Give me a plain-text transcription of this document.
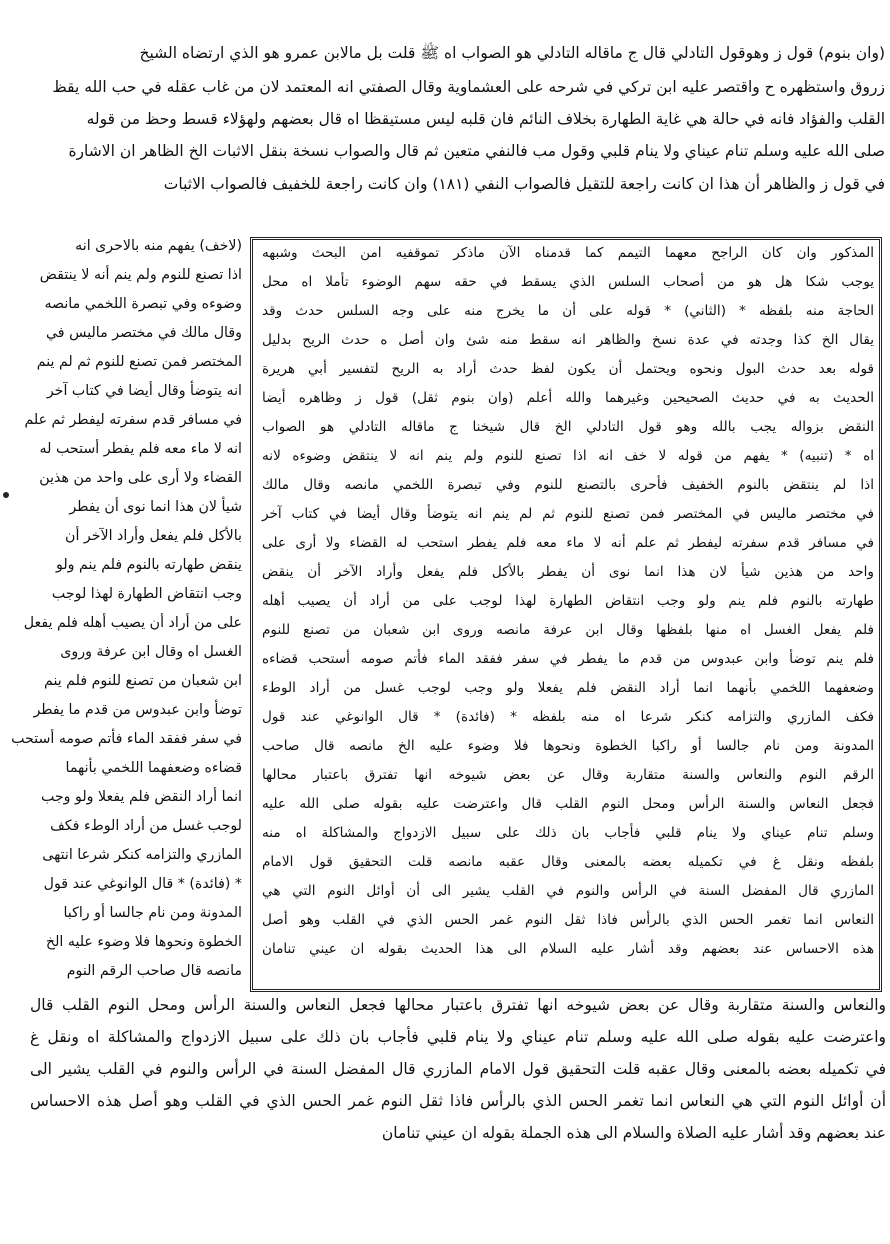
(وان بنوم) قول ز وهوقول التادلي قال ج ماقاله التادلي هو الصواب اه ﷺ قلت بل مالابن عمرو هو الذي ارتضاه الشيخ
زروق واستظهره ح واقتصر عليه ابن تركي في شرحه على العشماوية وقال الصفتي انه المعتمد لان من غاب عقله في حب الله يقظ
القلب والفؤاد فانه في حالة هي غاية الطهارة بخلاف النائم فان قلبه ليس مستيقظا اه قال بعضهم ولهؤلاء قسط وحظ من قوله
صلى الله عليه وسلم تنام عيناي ولا ينام قلبي وقول مب فالنفي متعين ثم قال والصواب نسخة بنقل الاثبات الخ الظاهر ان الاشارة
في قول ز والظاهر أن هذا ان كانت راجعة للتقيل فالصواب النفي (١٨١) وان كانت راجعة للخفيف فالصواب الاثبات
المذكور وان كان الراجح معهما التيمم كما قدمناه الآن ماذكر تموقفيه امن البحث وشبهه
يوجب شكا هل هو من أصحاب السلس الذي يسقط في حقه سهم الوضوء تأملا اه محل
الحاجة منه بلفظه * (الثاني) * قوله على أن ما يخرج منه على وجه السلس حدث وقد
يقال الخ كذا وجدته في عدة نسخ والظاهر انه سقط منه شئ وان أصل ه حدث الريح بدليل
قوله بعد حدث البول ونحوه ويحتمل أن يكون لفظ حدث أراد به الريح لتفسير أبي هريرة
الحديث به في حديث الصحيحين وغيرهما والله أعلم (وان بنوم ثقل) قول ز وظاهره أيضا
النقض بزواله يجب بالله وهو قول التادلي الخ قال شيخنا ج ماقاله التادلي هو الصواب
اه * (تنبيه) * يفهم من قوله لا خف انه اذا تصنع للنوم ولم ينم انه لا ينتقض وضوءه لانه
اذا لم ينتقض بالنوم الخفيف فأحرى بالتصنع للنوم وفي تبصرة اللخمي مانصه وقال مالك
في مختصر ماليس في المختصر فمن تصنع للنوم ثم لم ينم انه يتوضأ وقال أيضا في كتاب آخر
في مسافر قدم سفرته ليفطر ثم علم أنه لا ماء معه فلم يفطر استحب له القضاء ولا أرى على
واحد من هذين شيأ لان هذا انما نوى أن يفطر بالأكل فلم يفعل وأراد الآخر أن ينقض
طهارته بالنوم فلم ينم ولو وجب انتقاض الطهارة لهذا لوجب على من أراد أن يصيب أهله
فلم يفعل الغسل اه منها بلفظها وقال ابن عرفة مانصه وروى ابن شعبان من تصنع للنوم
فلم ينم توضأ وابن عبدوس من قدم ما يفطر في سفر ففقد الماء فأتم صومه أستحب قضاءه
وضعفهما اللخمي بأنهما انما أراد النقض فلم يفعلا ولو وجب لوجب غسل من أراد الوطء
فكف المازري والتزامه كنكر شرعا اه منه بلفظه * (فائدة) * قال الوانوغي عند قول
المدونة ومن نام جالسا أو راكبا الخطوة ونحوها فلا وضوء عليه الخ مانصه قال صاحب
الرقم النوم والنعاس والسنة متقاربة وقال عن بعض شيوخه انها تفترق باعتبار محالها
فجعل النعاس والسنة الرأس ومحل النوم القلب قال واعترضت عليه بقوله صلى الله عليه
وسلم تنام عيناي ولا ينام قلبي فأجاب بان ذلك على سبيل الازدواج والمشاكلة اه منه
بلفظه ونقل غ في تكميله بعضه بالمعنى وقال عقبه مانصه قلت التحقيق قول الامام
المازري قال المفضل السنة في الرأس والنوم في القلب يشير الى أن أوائل النوم التي هي
النعاس انما تغمر الحس الذي بالرأس فاذا ثقل النوم غمر الحس الذي في القلب وهو أصل
هذه الاحساس عند بعضهم وقد أشار عليه السلام الى هذا الحديث بقوله ان عيني تنامان
(لاخف) يفهم منه بالاحرى انه
اذا تصنع للنوم ولم ينم أنه لا ينتقض
وضوءه وفي تبصرة اللخمي مانصه
وقال مالك في مختصر ماليس في
المختصر فمن تصنع للنوم ثم لم ينم
انه يتوضأ وقال أيضا في كتاب آخر
في مسافر قدم سفرته ليفطر ثم علم
انه لا ماء معه فلم يفطر أستحب له
القضاء ولا أرى على واحد من هذين
شيأ لان هذا انما نوى أن يفطر
بالأكل فلم يفعل وأراد الآخر أن
ينقض طهارته بالنوم فلم ينم ولو
وجب انتقاض الطهارة لهذا لوجب
على من أراد أن يصيب أهله فلم يفعل
الغسل اه وقال ابن عرفة وروى
ابن شعبان من تصنع للنوم فلم ينم
توضأ وابن عبدوس من قدم ما يفطر
في سفر ففقد الماء فأتم صومه أستحب
قضاءه وضعفهما اللخمي بأنهما
انما أراد النقض فلم يفعلا ولو وجب
لوجب غسل من أراد الوطء فكف
المازري والتزامه كنكر شرعا انتهى
* (فائدة) * قال الوانوغي عند قول
المدونة ومن نام جالسا أو راكبا
الخطوة ونحوها فلا وضوء عليه الخ
مانصه قال صاحب الرقم النوم
والنعاس والسنة متقاربة وقال عن بعض شيوخه انها تفترق باعتبار محالها فجعل النعاس والسنة الرأس ومحل النوم القلب قال
واعترضت عليه بقوله صلى الله عليه وسلم تنام عيناي ولا ينام قلبي فأجاب بان ذلك على سبيل الازدواج والمشاكلة اه ونقل غ
في تكميله بعضه بالمعنى وقال عقبه قلت التحقيق قول الامام المازري قال المفضل السنة في الرأس والنوم في القلب يشير الى
أن أوائل النوم التي هي النعاس انما تغمر الحس الذي بالرأس فاذا ثقل النوم غمر الحس الذي في القلب وهو أصل هذه الاحساس
عند بعضهم وقد أشار عليه الصلاة والسلام الى هذه الجملة بقوله ان عيني تنامان
